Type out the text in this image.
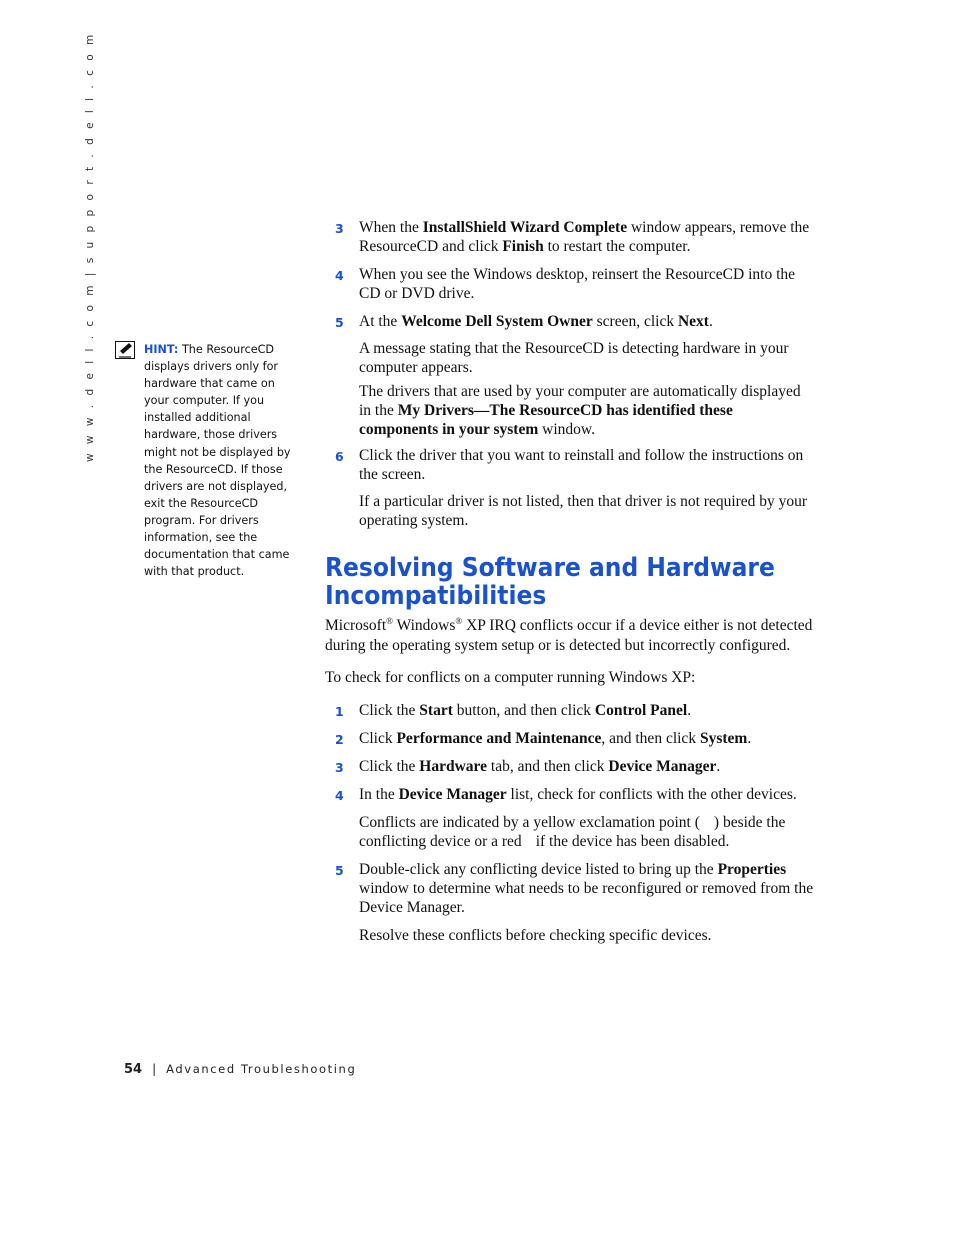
w w w . d e l l . c o m | s u p p o r t . d e l l . c o m	HINT: The ResourceCD displays drivers only for hardware that came on your computer. If you installed additional hardware, those drivers might not be displayed by the ResourceCD. If those drivers are not displayed, exit the ResourceCD program. For drivers information, see the documentation that came with that product.

3 When the InstallShield Wizard Complete window appears, remove the ResourceCD and click Finish to restart the computer.

4 When you see the Windows desktop, reinsert the ResourceCD into the CD or DVD drive.

5 At the Welcome Dell System Owner screen, click Next.

A message stating that the ResourceCD is detecting hardware in your computer appears.

The drivers that are used by your computer are automatically displayed in the My Drivers—The ResourceCD has identified these components in your system window.

6 Click the driver that you want to reinstall and follow the instructions on the screen.

If a particular driver is not listed, then that driver is not required by your operating system.

Resolving Software and Hardware Incompatibilities

Microsoft® Windows® XP IRQ conflicts occur if a device either is not detected during the operating system setup or is detected but incorrectly configured.

To check for conflicts on a computer running Windows XP:

1 Click the Start button, and then click Control Panel.

2 Click Performance and Maintenance, and then click System.

3 Click the Hardware tab, and then click Device Manager.

4 In the Device Manager list, check for conflicts with the other devices.

Conflicts are indicated by a yellow exclamation point ( ) beside the conflicting device or a red if the device has been disabled.

5 Double-click any conflicting device listed to bring up the Properties window to determine what needs to be reconfigured or removed from the Device Manager.

Resolve these conflicts before checking specific devices.

54 | Advanced Troubleshooting
